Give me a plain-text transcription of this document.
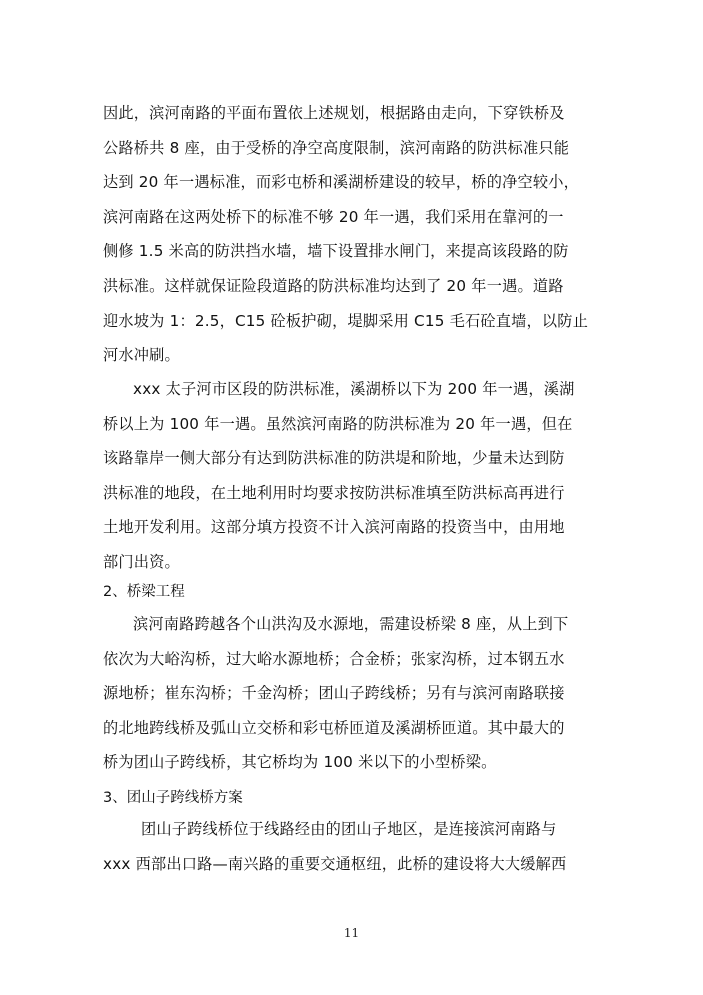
因此，滨河南路的平面布置依上述规划，根据路由走向，下穿铁桥及
公路桥共 8 座，由于受桥的净空高度限制，滨河南路的防洪标准只能
达到 20 年一遇标准，而彩屯桥和溪湖桥建设的较早，桥的净空较小，
滨河南路在这两处桥下的标准不够 20 年一遇，我们采用在靠河的一
侧修 1.5 米高的防洪挡水墙，墙下设置排水闸门，来提高该段路的防
洪标准。这样就保证险段道路的防洪标准均达到了 20 年一遇。道路
迎水坡为 1：2.5，C15 砼板护砌，堤脚采用 C15 毛石砼直墙，以防止
河水冲刷。
xxx 太子河市区段的防洪标准，溪湖桥以下为 200 年一遇，溪湖
桥以上为 100 年一遇。虽然滨河南路的防洪标准为 20 年一遇，但在
该路靠岸一侧大部分有达到防洪标准的防洪堤和阶地，少量未达到防
洪标准的地段，在土地利用时均要求按防洪标准填至防洪标高再进行
土地开发利用。这部分填方投资不计入滨河南路的投资当中，由用地
部门出资。
2、桥梁工程
滨河南路跨越各个山洪沟及水源地，需建设桥梁 8 座，从上到下
依次为大峪沟桥，过大峪水源地桥；合金桥；张家沟桥，过本钢五水
源地桥；崔东沟桥；千金沟桥；团山子跨线桥；另有与滨河南路联接
的北地跨线桥及弧山立交桥和彩屯桥匝道及溪湖桥匝道。其中最大的
桥为团山子跨线桥，其它桥均为 100 米以下的小型桥梁。
3、团山子跨线桥方案
团山子跨线桥位于线路经由的团山子地区，是连接滨河南路与
xxx 西部出口路—南兴路的重要交通枢纽，此桥的建设将大大缓解西
11
